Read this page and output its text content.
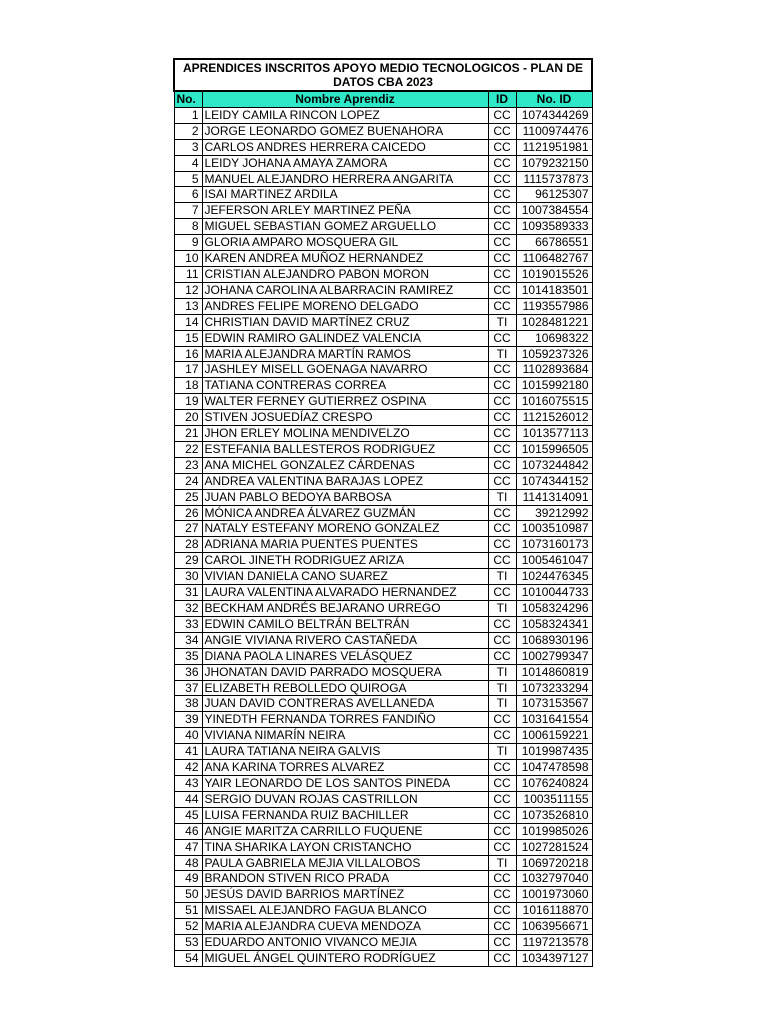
APRENDICES INSCRITOS APOYO MEDIO TECNOLOGICOS - PLAN DE DATOS CBA 2023			
No.	Nombre Aprendiz	ID	No. ID
1	LEIDY CAMILA RINCON LOPEZ	CC	1074344269
2	JORGE LEONARDO GOMEZ BUENAHORA	CC	1100974476
3	CARLOS ANDRES HERRERA CAICEDO	CC	1121951981
4	LEIDY JOHANA AMAYA ZAMORA	CC	1079232150
5	MANUEL ALEJANDRO HERRERA ANGARITA	CC	1115737873
6	ISAI MARTINEZ ARDILA	CC	96125307
7	JEFERSON ARLEY MARTINEZ PEÑA	CC	1007384554
8	MIGUEL SEBASTIAN GOMEZ ARGUELLO	CC	1093589333
9	GLORIA AMPARO MOSQUERA GIL	CC	66786551
10	KAREN ANDREA MUÑOZ HERNANDEZ	CC	1106482767
11	CRISTIAN ALEJANDRO PABON MORON	CC	1019015526
12	JOHANA CAROLINA ALBARRACIN RAMIREZ	CC	1014183501
13	ANDRES FELIPE MORENO DELGADO	CC	1193557986
14	CHRISTIAN DAVID MARTÍNEZ CRUZ	TI	1028481221
15	EDWIN RAMIRO GALINDEZ VALENCIA	CC	10698322
16	MARIA ALEJANDRA MARTÍN RAMOS	TI	1059237326
17	JASHLEY MISELL GOENAGA NAVARRO	CC	1102893684
18	TATIANA CONTRERAS CORREA	CC	1015992180
19	WALTER FERNEY GUTIERREZ OSPINA	CC	1016075515
20	STIVEN JOSUEDÍAZ CRESPO	CC	1121526012
21	JHON ERLEY MOLINA MENDIVELZO	CC	1013577113
22	ESTEFANIA BALLESTEROS RODRIGUEZ	CC	1015996505
23	ANA MICHEL GONZALEZ CÁRDENAS	CC	1073244842
24	ANDREA VALENTINA BARAJAS LOPEZ	CC	1074344152
25	JUAN PABLO BEDOYA BARBOSA	TI	1141314091
26	MÓNICA ANDREA ÁLVAREZ GUZMÁN	CC	39212992
27	NATALY ESTEFANY MORENO GONZALEZ	CC	1003510987
28	ADRIANA MARIA PUENTES PUENTES	CC	1073160173
29	CAROL JINETH RODRIGUEZ ARIZA	CC	1005461047
30	VIVIAN DANIELA CANO SUAREZ	TI	1024476345
31	LAURA VALENTINA ALVARADO HERNANDEZ	CC	1010044733
32	BECKHAM ANDRÉS BEJARANO URREGO	TI	1058324296
33	EDWIN CAMILO BELTRÁN BELTRÁN	CC	1058324341
34	ANGIE VIVIANA RIVERO CASTAÑEDA	CC	1068930196
35	DIANA PAOLA LINARES VELÁSQUEZ	CC	1002799347
36	JHONATAN DAVID PARRADO MOSQUERA	TI	1014860819
37	ELIZABETH REBOLLEDO QUIROGA	TI	1073233294
38	JUAN DAVID CONTRERAS AVELLANEDA	TI	1073153567
39	YINEDTH FERNANDA TORRES FANDIÑO	CC	1031641554
40	VIVIANA NIMARÍN NEIRA	CC	1006159221
41	LAURA TATIANA NEIRA GALVIS	TI	1019987435
42	ANA KARINA TORRES ALVAREZ	CC	1047478598
43	YAIR LEONARDO DE LOS SANTOS PINEDA	CC	1076240824
44	SERGIO DUVAN ROJAS CASTRILLON	CC	1003511155
45	LUISA FERNANDA RUIZ BACHILLER	CC	1073526810
46	ANGIE MARITZA CARRILLO FUQUENE	CC	1019985026
47	TINA SHARIKA LAYON CRISTANCHO	CC	1027281524
48	PAULA GABRIELA MEJIA VILLALOBOS	TI	1069720218
49	BRANDON STIVEN RICO PRADA	CC	1032797040
50	JESÚS DAVID BARRIOS MARTÍNEZ	CC	1001973060
51	MISSAEL ALEJANDRO FAGUA BLANCO	CC	1016118870
52	MARIA ALEJANDRA CUEVA MENDOZA	CC	1063956671
53	EDUARDO ANTONIO VIVANCO MEJIA	CC	1197213578
54	MIGUEL ÁNGEL QUINTERO RODRÍGUEZ	CC	1034397127
